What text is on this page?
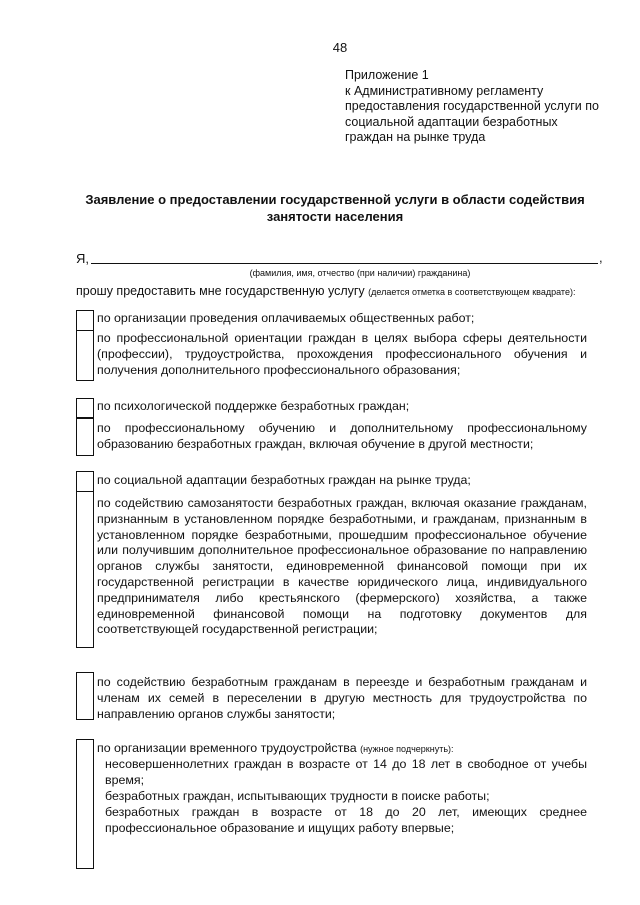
48
Приложение 1
к Административному регламенту
предоставления государственной услуги по
социальной адаптации безработных
граждан на рынке труда
Заявление о предоставлении государственной услуги в области содействия
занятости населения
Я,	,
(фамилия, имя, отчество (при наличии) гражданина)
прошу предоставить мне государственную услугу (делается отметка в соответствующем квадрате):
по организации проведения оплачиваемых общественных работ;
по профессиональной ориентации граждан в целях выбора сферы деятельности (профессии), трудоустройства, прохождения профессионального обучения и получения дополнительного профессионального образования;
по психологической поддержке безработных граждан;
по профессиональному обучению и дополнительному профессиональному образованию безработных граждан, включая обучение в другой местности;
по социальной адаптации безработных граждан на рынке труда;
по содействию самозанятости безработных граждан, включая оказание гражданам, признанным в установленном порядке безработными, и гражданам, признанным в установленном порядке безработными, прошедшим профессиональное обучение или получившим дополнительное профессиональное образование по направлению органов службы занятости, единовременной финансовой помощи при их государственной регистрации в качестве юридического лица, индивидуального предпринимателя либо крестьянского (фермерского) хозяйства, а также единовременной финансовой помощи на подготовку документов для соответствующей государственной регистрации;
по содействию безработным гражданам в переезде и безработным гражданам и членам их семей в переселении в другую местность для трудоустройства по направлению органов службы занятости;
по организации временного трудоустройства (нужное подчеркнуть):
несовершеннолетних граждан в возрасте от 14 до 18 лет в свободное от учебы время;
безработных граждан, испытывающих трудности в поиске работы;
безработных граждан в возрасте от 18 до 20 лет, имеющих среднее профессиональное образование и ищущих работу впервые;
